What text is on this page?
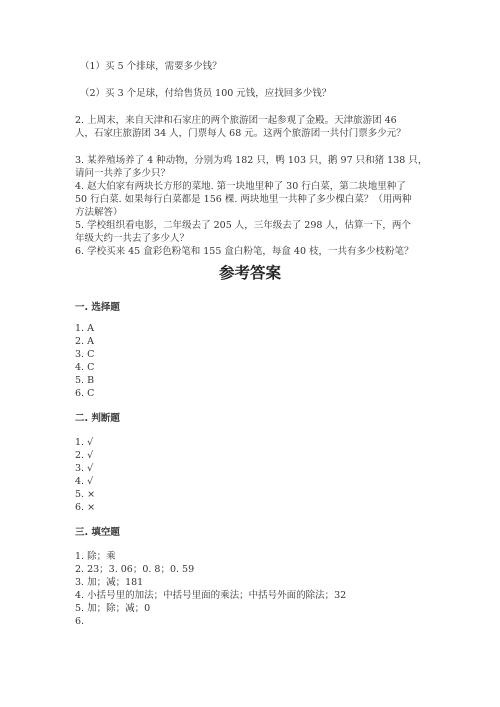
（1）买 5 个排球，需要多少钱？
（2）买 3 个足球，付给售货员 100 元钱，应找回多少钱？
2. 上周末，来自天津和石家庄的两个旅游团一起参观了金殿。天津旅游团 46
人，石家庄旅游团 34 人，门票每人 68 元。这两个旅游团一共付门票多少元？
3. 某养殖场养了 4 种动物，分别为鸡 182 只，鸭 103 只，鹅 97 只和猪 138 只，
请问一共养了多少只？
4. 赵大伯家有两块长方形的菜地. 第一块地里种了 30 行白菜，第二块地里种了
50 行白菜. 如果每行白菜都是 156 棵. 两块地里一共种了多少棵白菜？（用两种
方法解答）
5. 学校组织看电影，二年级去了 205 人，三年级去了 298 人，估算一下，两个
年级大约一共去了多少人？
6. 学校买来 45 盒彩色粉笔和 155 盒白粉笔，每盒 40 枝，一共有多少枝粉笔？
参考答案
一. 选择题
1. A
2. A
3. C
4. C
5. B
6. C
二. 判断题
1. √
2. √
3. √
4. √
5. ×
6. ×
三. 填空题
1. 除；乘
2. 23；3. 06；0. 8；0. 59
3. 加；减；181
4. 小括号里的加法；中括号里面的乘法；中括号外面的除法；32
5. 加；除；减；0
6.
